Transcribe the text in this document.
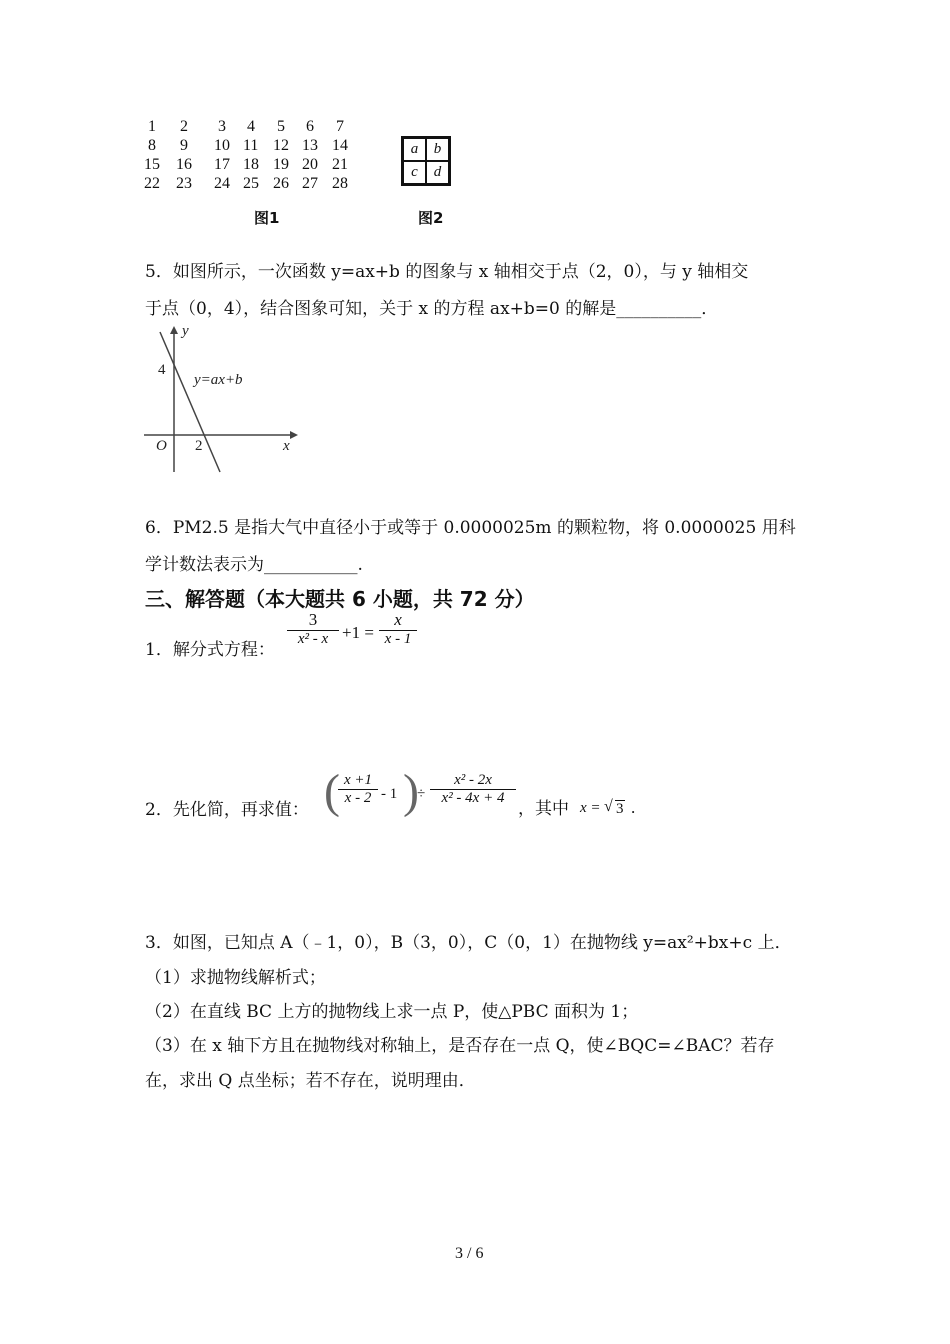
1 2 3 4 5 6 7
8 9 10 11 12 13 14
15 16 17 18 19 20 21
22 23 24 25 26 27 28
图1
a	b
c	d
图2
5．如图所示，一次函数 y=ax+b 的图象与 x 轴相交于点（2，0），与 y 轴相交
于点（0，4），结合图象可知，关于 x 的方程 ax+b=0 的解是__________．
y
x
O
4
2
y=ax+b
6．PM2.5 是指大气中直径小于或等于 0.0000025m 的颗粒物，将 0.0000025 用科
学计数法表示为___________.
三、解答题（本大题共 6 小题，共 72 分）
1．解分式方程：
$\frac{3}{\text{x² - x}} +1 = \frac{x}{x - 1}$
2．先化简，再求值： (
$\frac{x +1}{x - 2} - 1$ )
÷ $\frac{\text{x² - 2x}}{\text{x² - 4x + 4}}$
，其中 x = √ 3 .
3．如图，已知点 A（﹣1，0），B（3，0），C（0，1）在抛物线 y=ax²+bx+c 上．
（1）求抛物线解析式；
（2）在直线 BC 上方的抛物线上求一点 P，使△PBC 面积为 1；
（3）在 x 轴下方且在抛物线对称轴上，是否存在一点 Q，使∠BQC=∠BAC？若存
在，求出 Q 点坐标；若不存在，说明理由．
3 / 6
